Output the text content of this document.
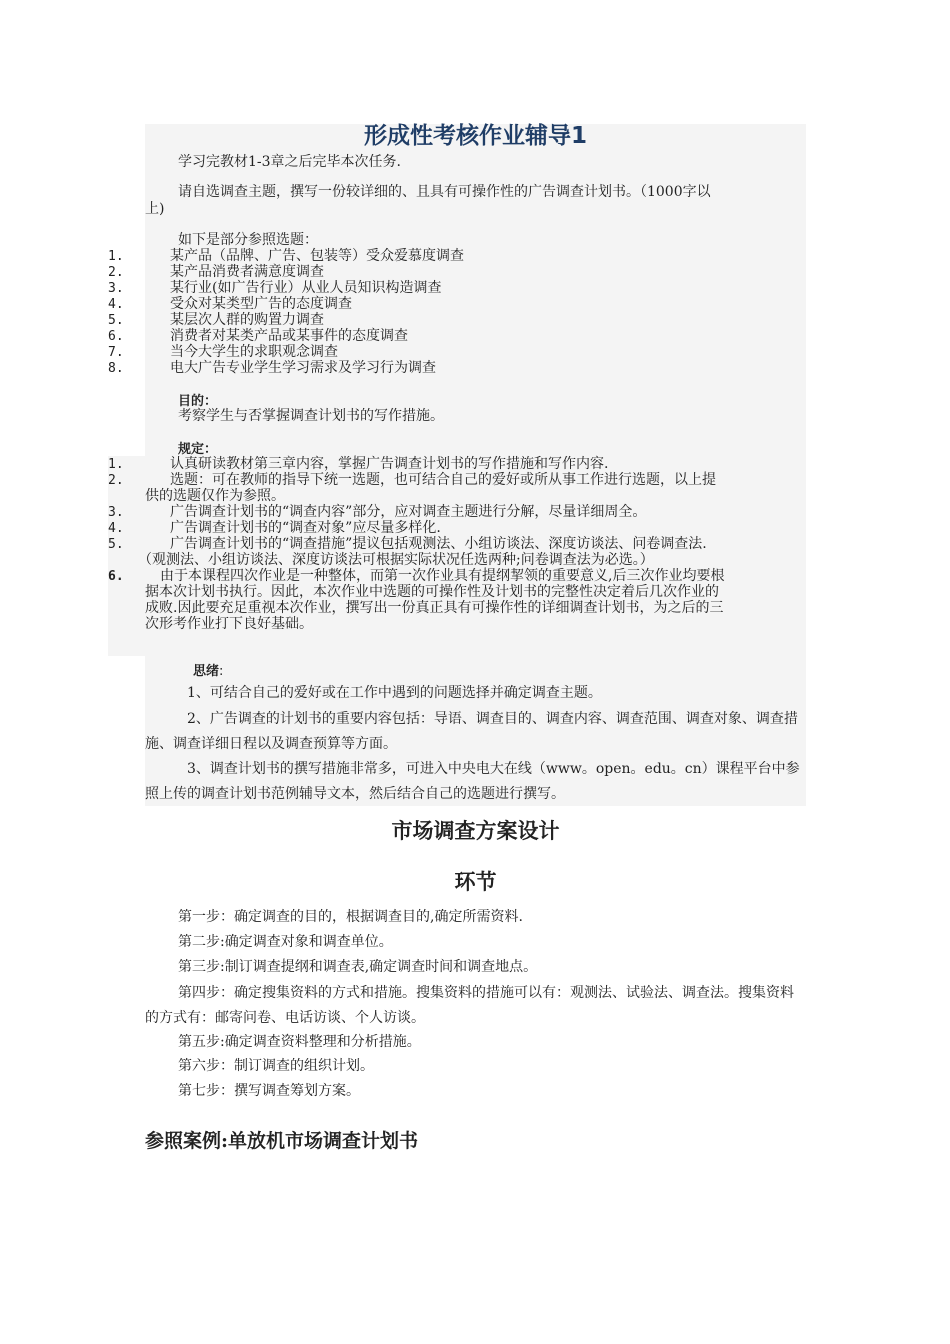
形成性考核作业辅导1
学习完教材1-3章之后完毕本次任务.
请自选调查主题，撰写一份较详细的、且具有可操作性的广告调查计划书。（1000字以
上)
如下是部分参照选题：
1.	某产品（品牌、广告、包装等）受众爱慕度调查
2.	某产品消费者满意度调查
3.	某行业(如广告行业）从业人员知识构造调查
4.	受众对某类型广告的态度调查
5.	某层次人群的购置力调查
6.	消费者对某类产品或某事件的态度调查
7.	当今大学生的求职观念调查
8.	电大广告专业学生学习需求及学习行为调查
目的：
考察学生与否掌握调查计划书的写作措施。
规定：
1.	认真研读教材第三章内容，掌握广告调查计划书的写作措施和写作内容.
2.	选题：可在教师的指导下统一选题，也可结合自己的爱好或所从事工作进行选题，以上提
供的选题仅作为参照。
3.	广告调查计划书的“调查内容”部分，应对调查主题进行分解，尽量详细周全。
4.	广告调查计划书的“调查对象”应尽量多样化.
5.	广告调查计划书的“调查措施”提议包括观测法、小组访谈法、深度访谈法、问卷调查法.
（观测法、小组访谈法、深度访谈法可根据实际状况任选两种;问卷调查法为必选。）
6.	由于本课程四次作业是一种整体，而第一次作业具有提纲挈领的重要意义,后三次作业均要根
据本次计划书执行。因此，本次作业中选题的可操作性及计划书的完整性决定着后几次作业的
成败.因此要充足重视本次作业，撰写出一份真正具有可操作性的详细调查计划书，为之后的三
次形考作业打下良好基础。
思绪:
1、可结合自己的爱好或在工作中遇到的问题选择并确定调查主题。
2、广告调查的计划书的重要内容包括：导语、调查目的、调查内容、调查范围、调查对象、调查措施、调查详细日程以及调查预算等方面。
3、调查计划书的撰写措施非常多，可进入中央电大在线（www。open。edu。cn）课程平台中参照上传的调查计划书范例辅导文本，然后结合自己的选题进行撰写。
市场调查方案设计
环节
第一步：确定调查的目的，根据调查目的,确定所需资料.
第二步:确定调查对象和调查单位。
第三步:制订调查提纲和调查表,确定调查时间和调查地点。
第四步：确定搜集资料的方式和措施。搜集资料的措施可以有：观测法、试验法、调查法。搜集资料的方式有：邮寄问卷、电话访谈、个人访谈。
第五步:确定调查资料整理和分析措施。
第六步：制订调查的组织计划。
第七步：撰写调查筹划方案。
参照案例:单放机市场调查计划书
